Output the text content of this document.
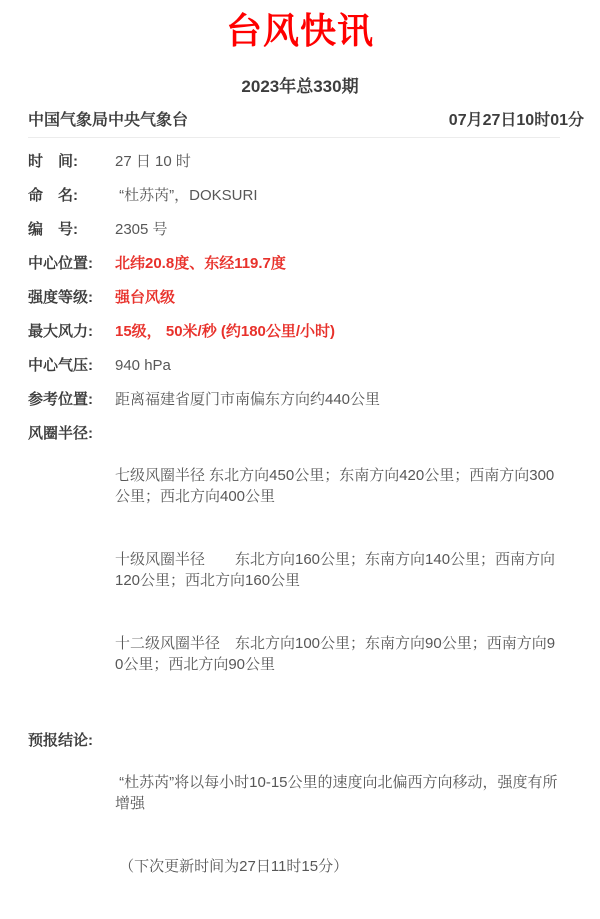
台风快讯
2023年总330期
中国气象局中央气象台	07月27日10时01分
时　间:	27 日 10 时
命　名:	“杜苏芮”，DOKSURI
编　号:	2305 号
中心位置:	北纬20.8度、东经119.7度
强度等级:	强台风级
最大风力:	15级， 50米/秒 (约180公里/小时)
中心气压:	940 hPa
参考位置:	距离福建省厦门市南偏东方向约440公里
风圈半径:

七级风圈半径 东北方向450公里；东南方向420公里；西南方向300公里；西北方向400公里

十级风圈半径　　东北方向160公里；东南方向140公里；西南方向120公里；西北方向160公里

十二级风圈半径　东北方向100公里；东南方向90公里；西南方向90公里；西北方向90公里

预报结论:

“杜苏芮”将以每小时10-15公里的速度向北偏西方向移动，强度有所增强

（下次更新时间为27日11时15分）
